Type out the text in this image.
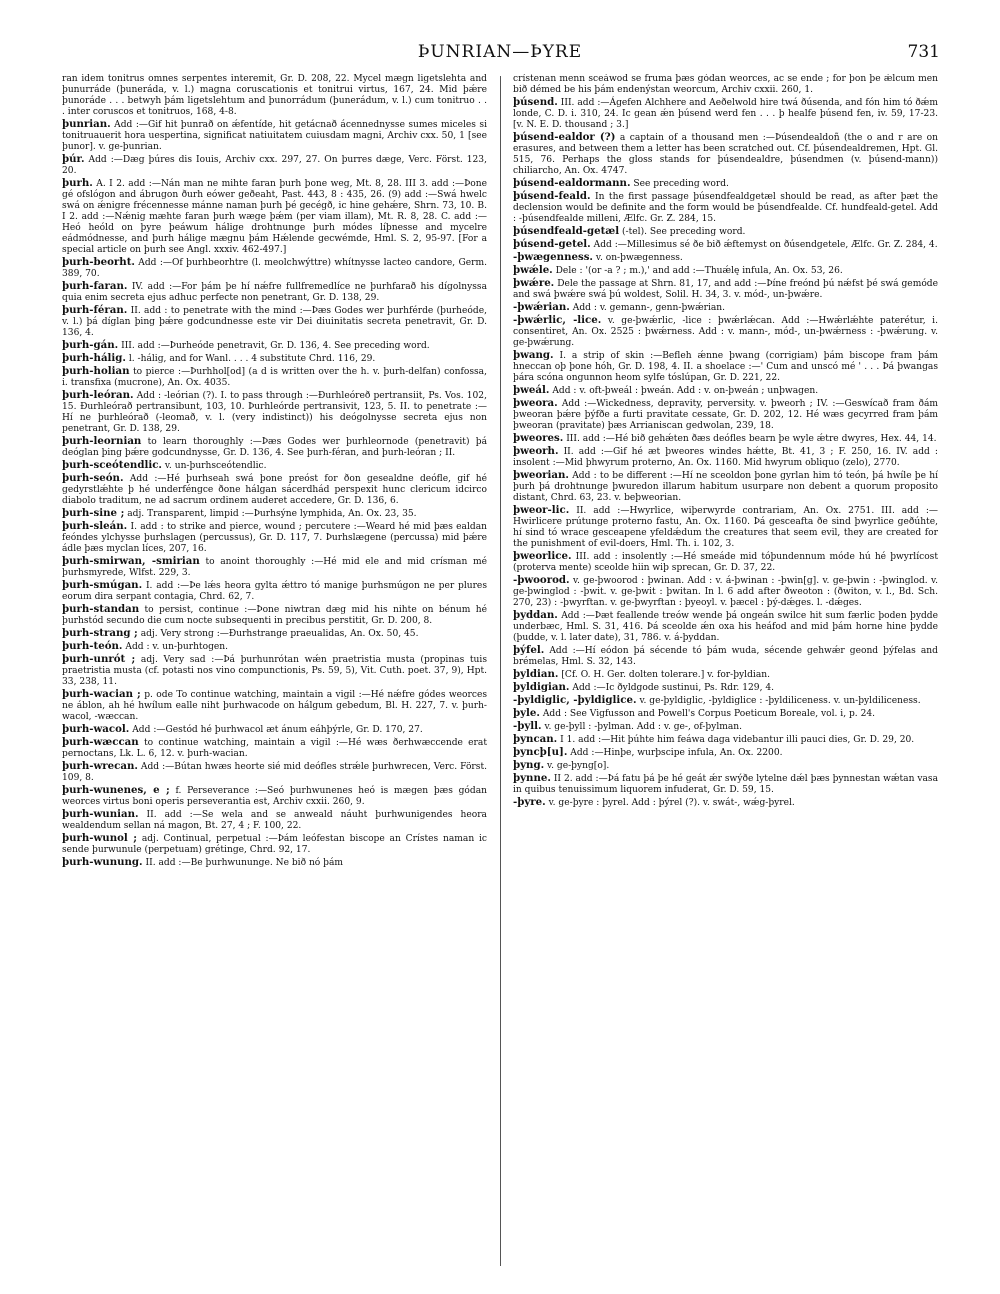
ÞUNRIAN—ÞYRE	731

ran idem tonitrus omnes serpentes interemit, Gr. D. 208, 22. Mycel mægn ligetslehta and þunurráde (þuneráda, v. l.) magna coruscationis et tonitrui virtus, 167, 24. Mid þǽre þunoráde . . . betwyh þám ligetslehtum and þunorrádum (þunerádum, v. l.) cum tonitruo . . . inter coruscos et tonitruos, 168, 4-8.

þunrian. Add :—Gif hit þunrað on ǽfentíde, hit getácnað ácennednysse sumes miceles si tonitruauerit hora uespertina, significat natiuitatem cuiusdam magni, Archiv cxx. 50, 1 [see þunor]. v. ge-þunrian.

þúr. Add :—Dæg þúres dis Iouis, Archiv cxx. 297, 27. On þurres dæge, Verc. Först. 123, 20.

þurh. A. I 2. add :—Nán man ne mihte faran þurh þone weg, Mt. 8, 28. III 3. add :—Þone gé ofslógon and ábrugon ðurh eówer geðeaht, Past. 443, 8 : 435, 26. (9) add :—Swá hwelc swá on ǽnigre frécennesse mánne naman þurh þé gecégð, ic hine gehǽre, Shrn. 73, 10. B. I 2. add :—Nǽnig mæhte faran þurh wæge þǽm (per viam illam), Mt. R. 8, 28. C. add :—Heó heóld on þyre þeáwum hálige drohtnunge þurh módes líþnesse and mycelre eádmódnesse, and þurh hálige mægnu þám Hǽlende gecwémde, Hml. S. 2, 95-97. [For a special article on þurh see Angl. xxxiv. 462-497.]

þurh-beorht. Add :—Of þurhbeorhtre (l. meolchwýttre) whítnysse lacteo candore, Germ. 389, 70.

þurh-faran. IV. add :—For þám þe hí nǽfre fullfremedlíce ne þurhfarað his dígolnyssa quia enim secreta ejus adhuc perfecte non penetrant, Gr. D. 138, 29.

þurh-féran. II. add : to penetrate with the mind :—Þæs Godes wer þurhférde (þurheóde, v. l.) þá díglan þing þǽre godcundnesse este vir Dei diuinitatis secreta penetravit, Gr. D. 136, 4.

þurh-gán. III. add :—Þurheóde penetravit, Gr. D. 136, 4. See preceding word.

þurh-hálig. l. -hálig, and for Wanl. . . . 4 substitute Chrd. 116, 29.

þurh-holian to pierce :—Þurhhol[od] (a d is written over the h. v. þurh-delfan) confossa, i. transfixa (mucrone), An. Ox. 4035.

þurh-leóran. Add : -leórian (?). I. to pass through :—Ðurhleóreð pertransiit, Ps. Vos. 102, 15. Ðurhleórað pertransibunt, 103, 10. Þurhleórde pertransivit, 123, 5. II. to penetrate :—Hí ne þurhleórað (-leomað, v. l. (very indistinct)) his deógolnysse secreta ejus non penetrant, Gr. D. 138, 29.

þurh-leornian to learn thoroughly :—Þæs Godes wer þurhleornode (penetravit) þá deóglan þing þǽre godcundnysse, Gr. D. 136, 4. See þurh-féran, and þurh-leóran ; II.

þurh-sceótendlic. v. un-þurhsceótendlic.

þurh-seón. Add :—Hé þurhseah swá þone preóst for ðon gesealdne deófle, gif hé gedyrstlǽhte þ hé underféngce ðone hálgan sácerdhád perspexit hunc clericum idcirco diabolo traditum, ne ad sacrum ordinem auderet accedere, Gr. D. 136, 6.

þurh-sine ; adj. Transparent, limpid :—Þurhsýne lymphida, An. Ox. 23, 35.

þurh-sleán. I. add : to strike and pierce, wound ; percutere :—Weard hé mid þæs ealdan feóndes ylchysse þurhslagen (percussus), Gr. D. 117, 7. Þurhslægene (percussa) mid þǽre ádle þæs myclan líces, 207, 16.

þurh-smirwan, -smirian to anoint thoroughly :—Hé mid ele and mid crísman mé þurhsmyrede, Wlfst. 229, 3.

þurh-smúgan. I. add :—Þe lǽs heora gylta ǽttro tó manige þurhsmúgon ne per plures eorum dira serpant contagia, Chrd. 62, 7.

þurh-standan to persist, continue :—Þone niwtran dæg mid his nihte on bénum hé þurhstód secundo die cum nocte subsequenti in precibus perstitit, Gr. D. 200, 8.

þurh-strang ; adj. Very strong :—Ðurhstrange praeualidas, An. Ox. 50, 45.

þurh-teón. Add : v. un-þurhtogen.

þurh-unrót ; adj. Very sad :—Þá þurhunrótan wǽn praetristia musta (propinas tuis praetristia musta (cf. potasti nos vino compunctionis, Ps. 59, 5), Vit. Cuth. poet. 37, 9), Hpt. 33, 238, 11.

þurh-wacian ; p. ode To continue watching, maintain a vigil :—Hé nǽfre gódes weorces ne áblon, ah hé hwílum ealle niht þurhwacode on hálgum gebedum, Bl. H. 227, 7. v. þurh-wacol, -wæccan.

þurh-wacol. Add :—Gestód hé þurhwacol æt ánum eáhþýrle, Gr. D. 170, 27.

þurh-wæccan to continue watching, maintain a vigil :—Hé wæs ðerhwæccende erat pernoctans, Lk. L. 6, 12. v. þurh-wacian.

þurh-wrecan. Add :—Bútan hwæs heorte sié mid deófles strǽle þurhwrecen, Verc. Först. 109, 8.

þurh-wunenes, e ; f. Perseverance :—Seó þurhwunenes heó is mægen þæs gódan weorces virtus boni operis perseverantia est, Archiv cxxii. 260, 9.

þurh-wunian. II. add :—Se wela and se anweald náuht þurhwunigendes heora wealdendum sellan ná magon, Bt. 27, 4 ; F. 100, 22.

þurh-wunol ; adj. Continual, perpetual :—Þám leófestan biscope an Crístes naman ic sende þurwunule (perpetuam) grétinge, Chrd. 92, 17.

þurh-wunung. II. add :—Be þurhwununge. Ne bið nó þám

crístenan menn sceáwod se fruma þæs gódan weorces, ac se ende ; for þon þe ǽlcum men bið démed be his þám endenýstan weorcum, Archiv cxxii. 260, 1.

þúsend. III. add :—Ágefen Alchhere and Aeðelwold hire twá ðúsenda, and fón him tó ðǽm londe, C. D. i. 310, 24. Ic gean ǽn þúsend werd fen . . . þ healfe þúsend fen, iv. 59, 17-23. [v. N. E. D. thousand ; 3.]

þúsend-ealdor (?) a captain of a thousand men :—Þúsendealdoñ (the o and r are on erasures, and between them a letter has been scratched out. Cf. þúsendealdremen, Hpt. Gl. 515, 76. Perhaps the gloss stands for þúsendealdre, þúsendmen (v. þúsend-mann)) chiliarcho, An. Ox. 4747.

þúsend-ealdormann. See preceding word.

þúsend-feald. In the first passage þúsendfealdgetæl should be read, as after þæt the declension would be definite and the form would be þúsendfealde. Cf. hundfeald-getel. Add : -þúsendfealde milleni, Ælfc. Gr. Z. 284, 15.

þúsendfeald-getæl (-tel). See preceding word.

þúsend-getel. Add :—Millesimus sé ðe bið ǽftemyst on ðúsendgetele, Ælfc. Gr. Z. 284, 4.

-þwægenness. v. on-þwægenness.

þwǽle. Dele : '(or -a ? ; m.),' and add :—Thuǽlę infula, An. Ox. 53, 26.

þwǽre. Dele the passage at Shrn. 81, 17, and add :—Þíne freónd þú nǽfst þé swá gemóde and swá þwǽre swá þú woldest, Solil. H. 34, 3. v. mód-, un-þwǽre.

-þwǽrian. Add : v. gemann-, genn-þwǽrian.

-þwǽrlic, -lice. v. ge-þwǽrlic, -lice : þwǽrlǽcan. Add :—Hwǽrlǽhte paterétur, i. consentiret, An. Ox. 2525 : þwǽrness. Add : v. mann-, mód-, un-þwǽrness : -þwǽrung. v. ge-þwǽrung.

þwang. I. a strip of skin :—Befleh ǽnne þwang (corrigiam) þám biscope fram þám hneccan oþ þone hóh, Gr. D. 198, 4. II. a shoelace :—' Cum and unscó mé ' . . . Þá þwangas þára scóna ongunnon heom sylfe tóslúpan, Gr. D. 221, 22.

þweál. Add : v. oft-þweál : þweán. Add : v. on-þweán ; unþwagen.

þweora. Add :—Wickedness, depravity, perversity. v. þweorh ; IV. :—Geswícað fram ðám þweoran þǽre þýfðe a furti pravitate cessate, Gr. D. 202, 12. Hé wæs gecyrred fram þám þweoran (pravitate) þæs Arrianiscan gedwolan, 239, 18.

þweores. III. add :—Hé bið gehǽten ðæs deófles bearn þe wyle ǽtre dwyres, Hex. 44, 14.

þweorh. II. add :—Gif hé æt þweores windes hǽtte, Bt. 41, 3 ; F. 250, 16. IV. add : insolent :—Mid þhwyrum proterno, An. Ox. 1160. Mid hwyrum obliquo (zelo), 2770.

þweorian. Add : to be different :—Hí ne sceoldon þone gyrlan him tó teón, þá hwíle þe hí þurh þá drohtnunge þwuredon illarum habitum usurpare non debent a quorum proposito distant, Chrd. 63, 23. v. beþweorian.

þweor-lic. II. add :—Hwyrlice, wiþerwyrde contrariam, An. Ox. 2751. III. add :—Hwirlicere prútunge proterno fastu, An. Ox. 1160. Þá gesceafta ðe sind þwyrlice geðúhte, hí sind tó wrace gesceapene yfeldǽdum the creatures that seem evil, they are created for the punishment of evil-doers, Hml. Th. i. 102, 3.

þweorlice. III. add : insolently :—Hé smeáde mid tóþundennum móde hú hé þwyrlícost (proterva mente) sceolde hiin wiþ sprecan, Gr. D. 37, 22.

-þwoorod. v. ge-þwoorod : þwinan. Add : v. á-þwinan : -þwin[g]. v. ge-þwin : -þwinglod. v. ge-þwinglod : -þwit. v. ge-þwit : þwitan. In l. 6 add after ðweoton : (ðwiton, v. l., Bd. Sch. 270, 23) : -þwyrftan. v. ge-þwyrftan : þyeoyl. v. þæcel : þý-dǽges. l. -dǽges.

þyddan. Add :—Þæt feallende treów wende þá ongeán swilce hit sum færlic þoden þydde underbæc, Hml. S. 31, 416. Þá sceolde ǽn oxa his heáfod and mid þám horne hine þydde (þudde, v. l. later date), 31, 786. v. á-þyddan.

þýfel. Add :—Hí eódon þá sécende tó þám wuda, sécende gehwǽr geond þýfelas and brémelas, Hml. S. 32, 143.

þyldian. [Cf. O. H. Ger. dolten tolerare.] v. for-þyldian.

þyldigian. Add :—Ic ðyldgode sustinui, Ps. Rdr. 129, 4.

-þyldiglic, -þyldiglice. v. ge-þyldiglic, -þyldiglice : -þyldiliceness. v. un-þyldiliceness.

þyle. Add : See Vigfusson and Powell's Corpus Poeticum Boreale, vol. i, p. 24.

-þyll. v. ge-þyll : -þylman. Add : v. ge-, of-þylman.

þyncan. I 1. add :—Hit þúhte him feáwa daga videbantur illi pauci dies, Gr. D. 29, 20.

þyncþ[u]. Add :—Hinþe, wurþscipe infula, An. Ox. 2200.

þyng. v. ge-þyng[o].

þynne. II 2. add :—Þá fatu þá þe hé geát ǽr swýðe lytelne dǽl þæs þynnestan wǽtan vasa in quibus tenuissimum liquorem infuderat, Gr. D. 59, 15.

-þyre. v. ge-þyre : þyrel. Add : þýrel (?). v. swát-, wǽg-þyrel.
